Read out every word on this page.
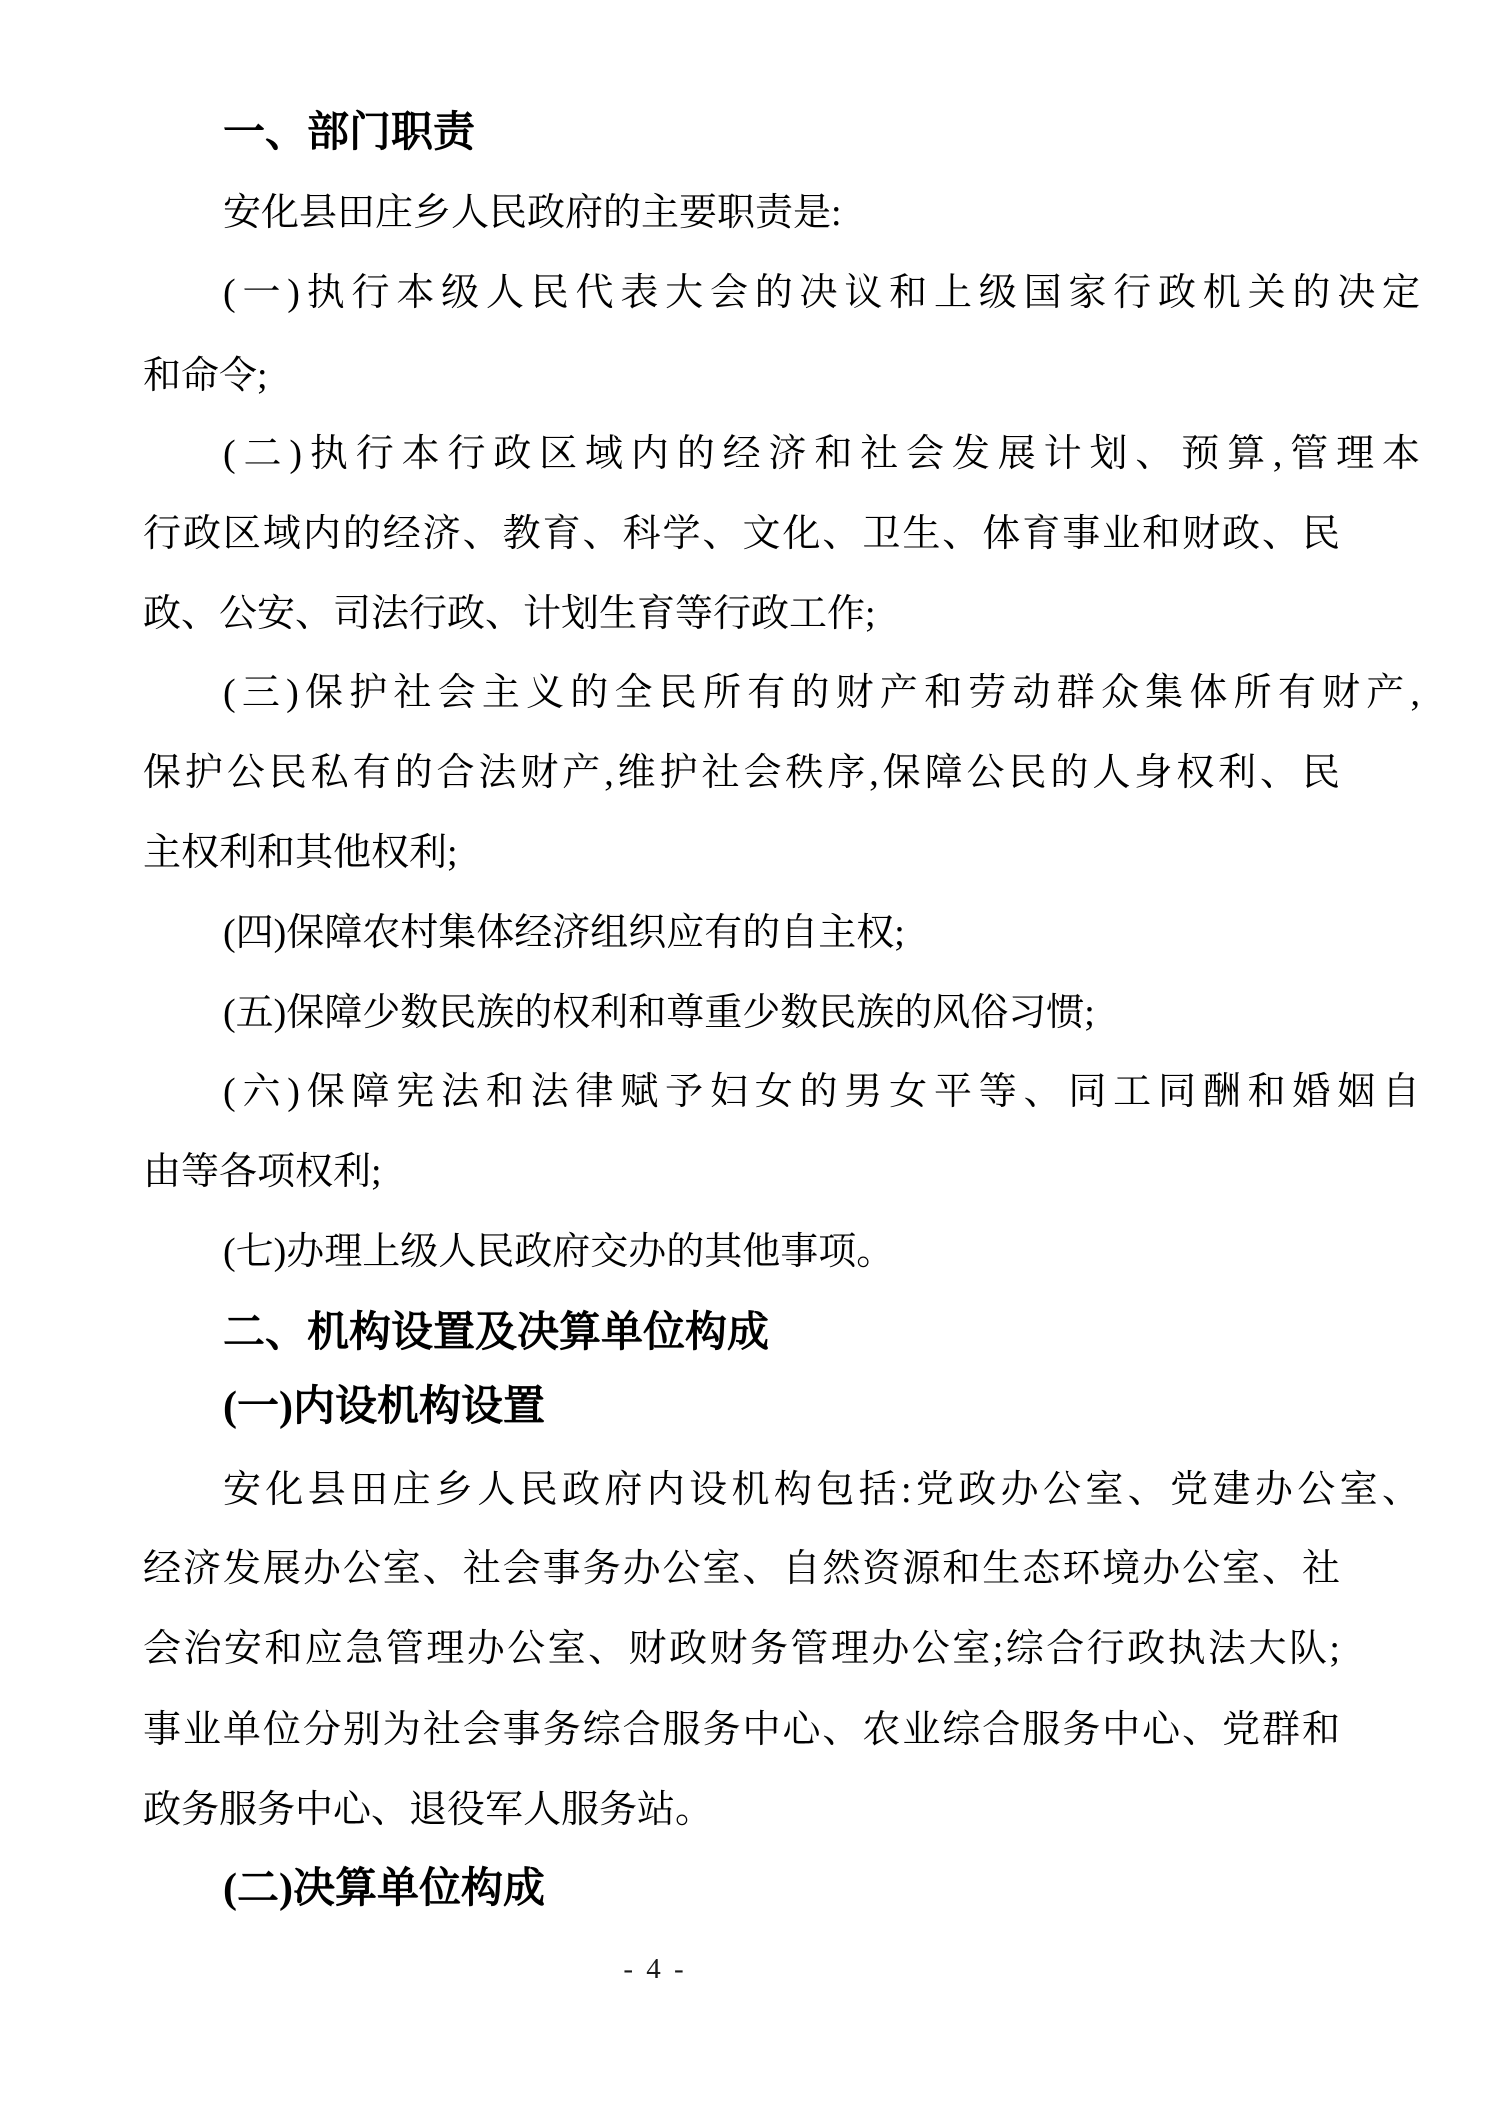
一、部门职责
安化县田庄乡人民政府的主要职责是:
(一)执行本级人民代表大会的决议和上级国家行政机关的决定
和命令;
(二)执行本行政区域内的经济和社会发展计划、预算,管理本
行政区域内的经济、教育、科学、文化、卫生、体育事业和财政、民
政、公安、司法行政、计划生育等行政工作;
(三)保护社会主义的全民所有的财产和劳动群众集体所有财产,
保护公民私有的合法财产,维护社会秩序,保障公民的人身权利、民
主权利和其他权利;
(四)保障农村集体经济组织应有的自主权;
(五)保障少数民族的权利和尊重少数民族的风俗习惯;
(六)保障宪法和法律赋予妇女的男女平等、同工同酬和婚姻自
由等各项权利;
(七)办理上级人民政府交办的其他事项。
二、机构设置及决算单位构成
(一)内设机构设置
安化县田庄乡人民政府内设机构包括:党政办公室、党建办公室、
经济发展办公室、社会事务办公室、自然资源和生态环境办公室、社
会治安和应急管理办公室、财政财务管理办公室;综合行政执法大队;
事业单位分别为社会事务综合服务中心、农业综合服务中心、党群和
政务服务中心、退役军人服务站。
(二)决算单位构成
- 4 -
